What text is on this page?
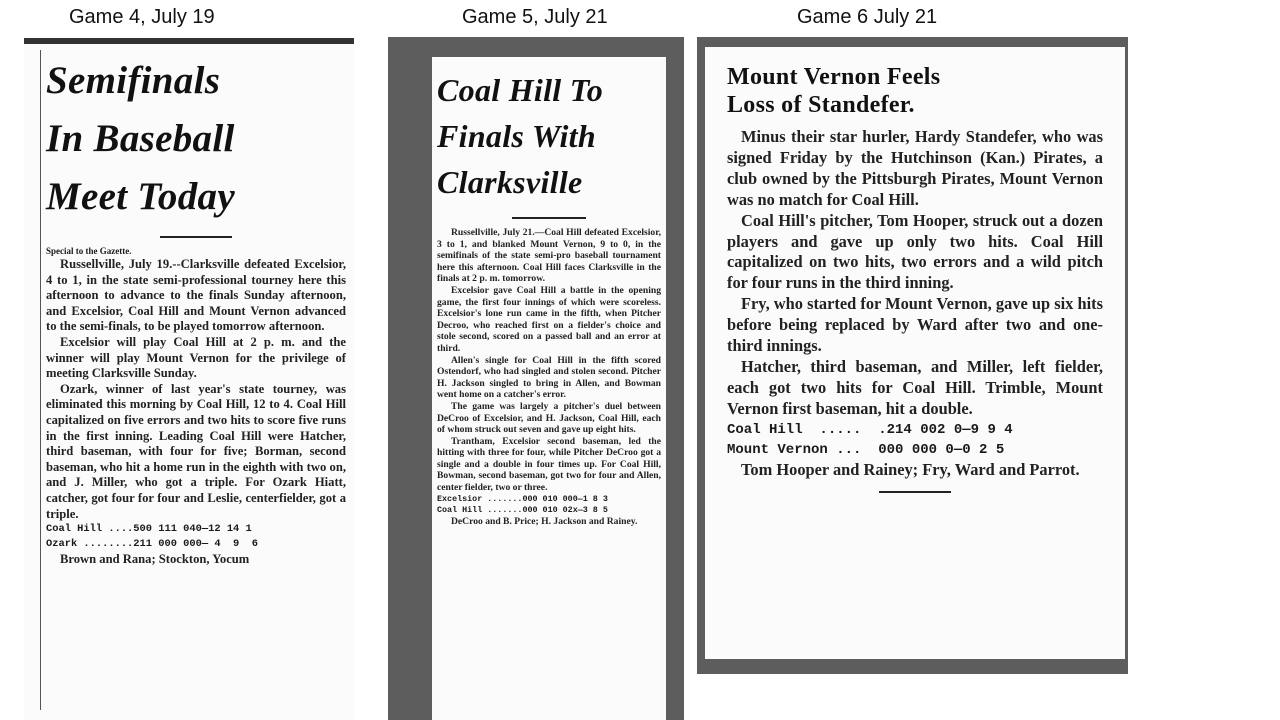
Game 4, July 19	Game 5, July 21	Game 6 July 21
Semifinals
In Baseball
Meet Today
Special to the Gazette.

Russellville, July 19.--Clarksville defeated Excelsior, 4 to 1, in the state semi-professional tourney here this afternoon to advance to the finals Sunday afternoon, and Excelsior, Coal Hill and Mount Vernon advanced to the semi-finals, to be played tomorrow afternoon.

Excelsior will play Coal Hill at 2 p. m. and the winner will play Mount Vernon for the privilege of meeting Clarksville Sunday.

Ozark, winner of last year's state tourney, was eliminated this morning by Coal Hill, 12 to 4. Coal Hill capitalized on five errors and two hits to score five runs in the first inning. Leading Coal Hill were Hatcher, third baseman, with four for five; Borman, second baseman, who hit a home run in the eighth with two on, and J. Miller, who got a triple. For Ozark Hiatt, catcher, got four for four and Leslie, centerfielder, got a triple.

Coal Hill ....500 111 040—12 14 1
Ozark ........211 000 000— 4  9  6

Brown and Rana; Stockton, Yocum

Coal Hill To
Finals With
Clarksville

Russellville, July 21.—Coal Hill defeated Excelsior, 3 to 1, and blanked Mount Vernon, 9 to 0, in the semifinals of the state semi-pro baseball tournament here this afternoon. Coal Hill faces Clarksville in the finals at 2 p. m. tomorrow.

Excelsior gave Coal Hill a battle in the opening game, the first four innings of which were scoreless. Excelsior's lone run came in the fifth, when Pitcher Decroo, who reached first on a fielder's choice and stole second, scored on a passed ball and an error at third.

Allen's single for Coal Hill in the fifth scored Ostendorf, who had singled and stolen second. Pitcher H. Jackson singled to bring in Allen, and Bowman went home on a catcher's error.

The game was largely a pitcher's duel between DeCroo of Excelsior, and H. Jackson, Coal Hill, each of whom struck out seven and gave up eight hits.

Trantham, Excelsior second baseman, led the hitting with three for four, while Pitcher DeCroo got a single and a double in four times up. For Coal Hill, Bowman, second baseman, got two for four and Allen, center fielder, two or three.

Excelsior .......000 010 000—1 8 3
Coal Hill .......000 010 02x—3 8 5

DeCroo and B. Price; H. Jackson and Rainey.

Mount Vernon Feels
Loss of Standefer.

Minus their star hurler, Hardy Standefer, who was signed Friday by the Hutchinson (Kan.) Pirates, a club owned by the Pittsburgh Pirates, Mount Vernon was no match for Coal Hill.

Coal Hill's pitcher, Tom Hooper, struck out a dozen players and gave up only two hits. Coal Hill capitalized on two hits, two errors and a wild pitch for four runs in the third inning.

Fry, who started for Mount Vernon, gave up six hits before being replaced by Ward after two and one-third innings.

Hatcher, third baseman, and Miller, left fielder, each got two hits for Coal Hill. Trimble, Mount Vernon first baseman, hit a double.

Coal Hill  .....  .214 002 0—9 9 4
Mount Vernon ...  000 000 0—0 2 5

Tom Hooper and Rainey; Fry, Ward and Parrot.
